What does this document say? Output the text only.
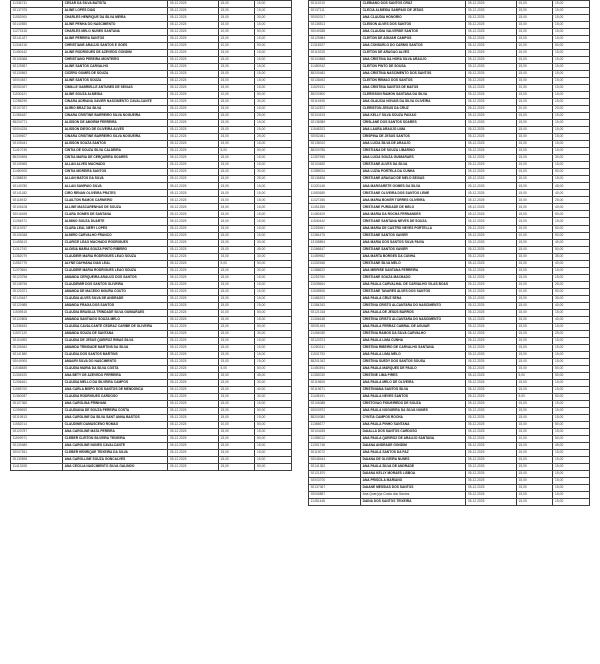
11336731	CESAR DA SILVA BATISTA	05.12.2025	15,00	15,00
92137975	ALINE LOPES DIAS	05.12.2025	15,00	15,00
11552900	CHARLES HENRIQUE DA SILVA MEIRA	05.12.2025	15,00	30,00
92140550	ALINE PENHA DO NASCIMENTO	05.12.2025	15,00	15,00
11271515	CHARLES MELO NUNES SANTANA	05.12.2025	10,00	50,00
92141427	ALINE PEREIRA SANTOS	05.12.2025	15,00	15,00
11344316	CHRISTIANE ARAUJO SANTOS E GOES	05.12.2025	10,00	50,00
11450442	ALINE RODRIGUES DE AZEVEDO GONDIM	05.12.2025	15,00	15,00
92105068	CHRISTIANO PEREIRA MONTEIRO	05.12.2025	15,00	15,00
92125557	ALINE SANTOS CARVALHO	05.12.2025	15,00	15,00
92130892	CICERO GOMES DE SOUZA	05.12.2025	15,00	15,00
92004547	ALINE SANTOS SOUZA	05.12.2025	15,00	15,00
92052497	CIMILLE GABRIELLE ANTUNES DE SEIXAS	05.12.2025	15,00	15,00
11530421	ALINE SOUZA ALMEIDA	05.12.2025	10,00	50,00
11258295	CINARA ADRIANA XAVIER NASCIMENTO CAVALCANTE	05.12.2025	15,00	30,00
92107027	ALIRIO BRAZ DA SILVA	05.12.2025	15,00	15,00
11365487	CINARA CRISTINE BARREIRO SILVA NOGUEIRA	05.12.2025	15,00	25,00
85200771	ALISSON DE AMORIM FERREIRA	05.12.2025	15,00	15,00
92004226	ALISSON DIEGO DE OLIVEIRA ALVES	05.12.2025	15,00	15,00
11349507	CINARA CRISTINE BARREIRO SILVA NOGUEIRA	05.12.2025	15,00	25,00
92105441	ALISSON SOUZA SANTOS	05.12.2025	15,00	15,00
11410749	CINTIA DE SOUZA SILVA CALDEIRA	05.12.2025	5,00	50,00
85200695	CINTIA MARIA DE CERQUEIRA SOARES	05.12.2025	15,00	15,00
92105965	ALLAN ALVES MACHADO	05.12.2025	15,00	15,00
11450905	CINTIA MOREIRA SANTOS	05.12.2025	15,00	30,00
11388830	ALLAN MATOS DA SILVA	05.12.2025	15,00	25,00
92140780	ALLAN SAMPAIO SILVA	05.12.2025	15,00	15,00
92141182	CIRO RENAN OLIVEIRA PRATES	05.12.2025	15,00	15,00
92118932	CLAILTON RAMOS CARNEIRO	05.12.2025	15,00	15,00
92106108	ALLINE MASCARENHAS DE SOUZA	05.12.2025	15,00	15,00
92016495	CLARA GOMES DE SANTANA	05.12.2025	15,00	15,00
11254571	ALMINO SOUZA DUARTE	05.12.2025	15,00	15,00
92119257	CLARA LEAL NERY LOPES	05.12.2025	15,00	15,00
92106348	ALMIRO CARVALHO FRANCO	05.12.2025	15,00	15,00
11453613	CLARICE LEAO MACHADO RODRIGUES	05.12.2025	15,00	30,00
11312792	ALOISIA MARIA SOUZA PINTO RIBEIRO	05.12.2025	15,00	45,00
11382079	CLAUDEIR MARIA RODRIGUES LEAO SOUZA	05.12.2025	15,00	30,00
11552779	ALYNE DAYHANA DIAS LEAL	05.12.2025	5,00	50,00
11370564	CLAUDEIR MARIA RODRIGUES LEAO SOUZA	05.12.2025	15,00	30,00
92123756	AMANDA CERQUEIRA ARAUJO DOS SANTOS	05.12.2025	15,00	15,00
92138796	CLAUDEMIR DOS SANTOS OLIVEIRA	05.12.2025	15,00	15,00
92120371	AMANDA DE MACEDO MOURA COUTO	05.12.2025	15,00	15,00
92143447	CLAUDIA ALVES SILVA DE ANDRADE	05.12.2025	15,00	15,00
92120985	AMANDA FRAGA DOS SANTOS	05.12.2025	15,00	15,00
11509515	CLAUDIA BRASILIA TRINDADE SILVA GUIMARAES	05.12.2025	10,00	50,00
92120808	AMANDA SANTIAGO SOUZA MELO	05.12.2025	15,00	15,00
11335453	CLAUDIA CAVALCANTE CEDRAZ CARIBE DE OLIVEIRA	05.12.2025	15,00	50,00
11507120	AMANDA SOUZA DE SANTANA	05.12.2025	15,00	30,00
92104992	CLAUDIA DE JESUS QUEIROZ RIBAS SILVA	05.12.2025	15,00	15,00
92106942	AMANDA TRINDADE MARTINS DA SILVA	05.12.2025	15,00	15,00
92141580	CLAUDIA DOS SANTOS MARTINS	05.12.2025	15,00	15,00
92049000	AMAURI SILVA DO NASCIMENTO	05.12.2025	15,00	15,00
11545885	CLAUDIA MARIA DA SILVA COSTA	05.12.2025	5,00	50,00
11304920	ANA BETY DE AZEVEDO FERREIRA	05.12.2025	15,00	45,00
11306461	CLAUDIA MELLO DA SILVEIRA CAMPOS	05.12.2025	15,00	30,00
11555700	ANA CARLA BISPO DOS SANTOS DE MENDONCA	05.12.2025	15,00	40,00
11360087	CLAUDIA RODRIGUES CARDOSO	05.12.2025	15,00	30,00
92107360	ANA CAROLINA FRINHANI	05.12.2025	15,00	15,00
11399653	CLAUDIANA DE SOUZA PEREIRA COSTA	05.12.2025	15,00	50,00
92119513	ANA CAROLINE DA SILVA SANT ANNA BASTOS	05.12.2025	15,00	15,00
11552014	CLAUDINEI DAMASCENO ROMAO	05.12.2025	10,00	50,00
92120787	ANA CAROLINE MATA PEREIRA	05.12.2025	15,00	15,00
11509971	CLEBER CLEITON SILVEIRA TEIXEIRA	05.12.2025	15,00	50,00
92139480	ANA CAROLINE NUNES CAVALCANTE	05.12.2025	15,00	15,00
92007531	CLEBER HENRIQUE TEIXEIRA DA SILVA	05.12.2025	15,00	15,00
92139598	ANA CAROLLINE SOUZA GONCALVES	05.12.2025	15,00	15,00
11413208	ANA CECILIA NASCIMENTO SILVA GALINDO	05.12.2025	15,00	50,00
92119219	CLEBIANO DOS SANTOS CRUZ	05.12.2025	15,00	15,00
92137111	CLECIA ALMEIDA SAMPAIO DE JESUS	05.12.2025	15,00	15,00
92052017	ANA CLAUDIA HONORIO	05.12.2025	15,00	15,00
92138513	CLEISON ALVES DOS SANTOS	05.12.2025	15,00	15,00
92049288	ANA CLAUDIA VALVERDE SANTOS	05.12.2025	15,00	15,00
92125984	CLEITON DE AGUIAR CAMPOS	05.12.2025	15,00	15,00
11315927	ANA CONSUELO DO CARMO SANTOS	05.12.2025	10,00	50,00
92119225	CLEITON DE ARAGAO ALVES	05.12.2025	15,00	15,00
92104568	ANA CRISTINA DA HORA SILVA ARAUJO	05.12.2025	15,00	15,00
11450942	CLEITON PINTO DE SOUSA	05.12.2025	15,00	15,00
85200482	ANA CRISTINA NASCIMENTO DOS SANTOS	05.12.2025	15,00	15,00
92138492	CLEITON REMAO DOS SANTOS	05.12.2025	15,00	15,00
11529191	ANA CRISTINA SANTOS DE MATOS	05.12.2025	10,00	10,00
85200500	CLERISSON RAMON SANTANA DA SILVA	05.12.2025	15,00	15,00
92119495	ANA GLAUCIA NOVAIS DA SILVA OLIVEIRA	05.12.2025	15,00	15,00
92142872	CLERISTON JESUS DA CRUZ	05.12.2025	20,00	20,00
92104193	ANA KELLY SILVA SOUZA PAIXAO	05.12.2025	15,00	15,00
92138389	CRISLANE DOS SANTOS SOARES	05.12.2025	15,00	15,00
11545203	ANA LAURA ARAUJO LIMA	05.12.2025	15,00	15,00
92052481	CRISPINA DE JESUS SANTOS	05.12.2025	15,00	15,00
92138010	ANA LUCIA SILVA DE ARAUJO	05.12.2025	15,00	15,00
85200786	CRISTIANA DE SOUZA LIBARINO	05.12.2025	15,00	15,00
11357955	ANA LUCIA SOUZA GUIMARAES	05.12.2025	15,00	30,00
92104630	CRISTIANE ALVES DA SILVA	05.12.2025	15,00	15,00
11389024	ANA LUZIA PORTELA DA CUNHA	05.12.2025	15,00	50,00
92136836	CRISTIANE ARAGAO DE MELO SEIXAS	05.12.2025	15,00	15,00
11320146	ANA MARGARETE GOMES DA SILVA	05.12.2025	15,00	45,00
11552685	CRISTIANE OLIVEIRA DOS SANTOS LEME	05.12.2025	15,00	40,00
11327265	ANA MARIA BOKER TORRES OLIVEIRA	05.12.2025	15,00	25,00
11451355	CRISTIANE PURIDADE DE MELO	05.12.2025	15,00	40,00
11460429	ANA MARIA DA ROCHA FERNANDES	05.12.2025	15,00	50,00
11540442	CRISTIANE SANTANA NEVES DE SOUZA	05.12.2025	15,00	15,00
11253961	ANA MARIA DE CASTRO NEVES PORTELLA	05.12.2025	15,00	50,00
11384475	CRISTIANE SANTOS XAVIER	05.12.2025	10,00	50,00
13158894	ANA MARIA DOS SANTOS SILVA PAIVA	05.12.2025	15,00	45,00
11366847	CRISTIANE SANTOS XAVIER	05.12.2025	15,00	50,00
11459962	ANA MARTA BORGES DA CUNHA	05.12.2025	15,00	35,00
11332968	CRISTIANE SILVA MELO	05.12.2025	15,00	40,00
11388623	ANA MEIRISE SANTANA FERREIRA	05.12.2025	15,00	15,00
11253760	CRISTIANE SOUZA MACHADO	05.12.2025	15,00	15,00
11539664	ANA PAULA CARVALHAL DE CARVALHO VILAS BOAS	05.12.2025	15,00	25,00
11549506	CRISTIANE TAVARES ALVES DOS SANTOS	05.12.2025	10,00	50,00
11466203	ANA PAULA CRUZ SENA	05.12.2025	15,00	35,00
11384263	CRISTINA CRISTO ALCANTARA DO NASCIMENTO	05.12.2025	15,00	40,00
92121018	ANA PAULA DE JESUS BARROS	05.12.2025	15,00	15,00
11304648	CRISTINA CRISTO ALCANTARA DO NASCIMENTO	05.12.2025	15,00	40,00
92051493	ANA PAULA FERRAZ CABRAL DE AGUIAR	05.12.2025	15,00	15,00
11494065	CRISTINA RAMOS DA SILVA CARVALHO	05.12.2025	15,00	25,00
92120374	ANA PAULA LIMA CUNHA	05.12.2025	15,00	15,00
11260241	CRISTINA RIBEIRO DE CARVALHO SANTANA	05.12.2025	15,00	15,00
11531753	ANA PAULA LIMA MELO	05.12.2025	15,00	15,00
85201042	CRISTINA SUEDY DOS SANTOS SOUSA	05.12.2025	15,00	15,00
11450394	ANA PAULA MARQUES DE PAULO	05.12.2025	15,00	50,00
11352030	CRISTINE LIMA PIRES	05.12.2025	5,00	50,00
92119605	ANA PAULA MELO DE OLIVEIRA	05.12.2025	15,00	15,00
92119671	CRISTINIANA SANTOS SILVA	05.12.2025	15,00	15,00
11445191	ANA PAULA NEVES SANTOS	05.12.2025	5,00	50,00
92106088	CRISTOVAO FIGUEIREDO DE SOUZA	05.12.2025	15,00	15,00
92003972	ANA PAULA NOGUEIRA DA SILVA NUNES	05.12.2025	15,00	15,00
85200080	CYNTIA CAMPOS ROCHA	05.12.2025	15,00	15,00
11366677	ANA PAULA PINHO SANTANA	05.12.2025	15,00	50,00
92104439	DAIALLA DOS SANTOS CARDOSO	05.12.2025	15,00	15,00
11455012	ANA PAULA QUEIROZ DE ARAUJO SANTANA	05.12.2025	10,00	50,00
11391748	DAIANA ANDRADE GONDIM	05.12.2025	15,00	45,00
92119072	ANA PAULA SANTOS DA PAZ	05.12.2025	15,00	15,00
92048444	DAIANA DE OLIVEIRA NUNES	05.12.2025	15,00	15,00
92141362	ANA PAULA SILVA DE ANDRADE	05.12.2025	15,00	15,00
92121870	DAIANA KELLY MORAES LISBOA	05.12.2025	15,00	15,00
92003700	ANA PRISCILA MARIANO	05.12.2025	15,00	15,00
92137067	DAIANE MESSIAS DOS SANTOS	05.12.2025	15,00	15,00
92006857	Ana Quer(c)a Costa dos Santos	05.12.2025	15,00	15,00
11451448	DAINA DOS SANTOS TEIXEIRA	05.12.2025	15,00	15,00
